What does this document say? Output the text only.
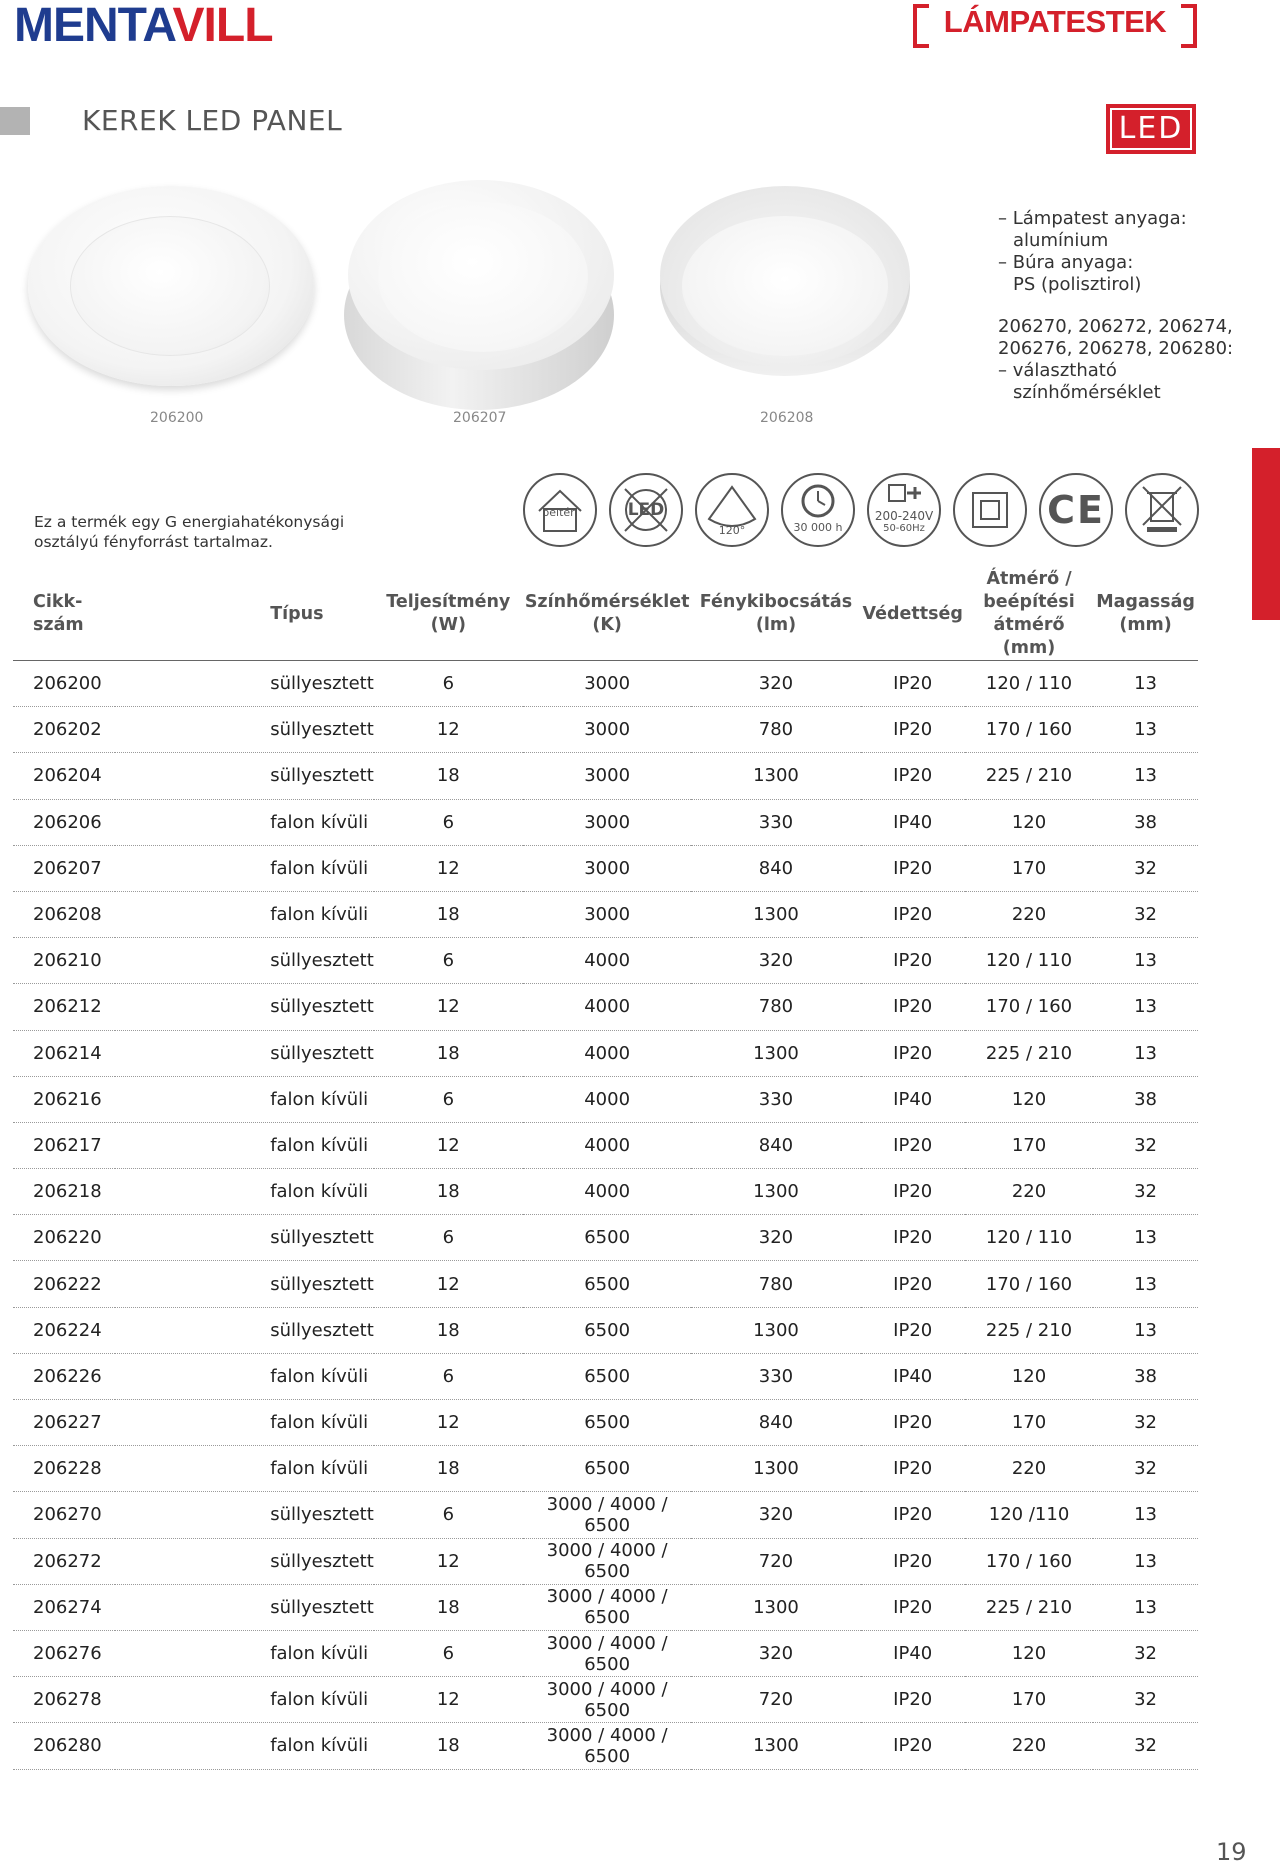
MENTAVILL	LÁMPATESTEK
KEREK LED PANEL	LED
206200	206207	206208
– Lámpatest anyaga:
alumínium
– Búra anyaga:
PS (polisztirol)
206270, 206272, 206274,
206276, 206278, 206280:
– választható
színhőmérséklet
Ez a termék egy G energiahatékonysági
osztályú fényforrást tartalmaz.
beltéri	LED
120°	30 000 h
200-240V
50-60Hz	CE
Cikk-
szám	Típus	Teljesítmény
(W)	Színhőmérséklet
(K)	Fénykibocsátás
(lm)	Védettség	Átmérő /
beépítési átmérő
(mm)	Magasság
(mm)
206200	süllyesztett	6	3000	320	IP20	120 / 110	13
206202	süllyesztett	12	3000	780	IP20	170 / 160	13
206204	süllyesztett	18	3000	1300	IP20	225 / 210	13
206206	falon kívüli	6	3000	330	IP40	120	38
206207	falon kívüli	12	3000	840	IP20	170	32
206208	falon kívüli	18	3000	1300	IP20	220	32
206210	süllyesztett	6	4000	320	IP20	120 / 110	13
206212	süllyesztett	12	4000	780	IP20	170 / 160	13
206214	süllyesztett	18	4000	1300	IP20	225 / 210	13
206216	falon kívüli	6	4000	330	IP40	120	38
206217	falon kívüli	12	4000	840	IP20	170	32
206218	falon kívüli	18	4000	1300	IP20	220	32
206220	süllyesztett	6	6500	320	IP20	120 / 110	13
206222	süllyesztett	12	6500	780	IP20	170 / 160	13
206224	süllyesztett	18	6500	1300	IP20	225 / 210	13
206226	falon kívüli	6	6500	330	IP40	120	38
206227	falon kívüli	12	6500	840	IP20	170	32
206228	falon kívüli	18	6500	1300	IP20	220	32
206270	süllyesztett	6	3000 / 4000 / 6500	320	IP20	120 /110	13
206272	süllyesztett	12	3000 / 4000 / 6500	720	IP20	170 / 160	13
206274	süllyesztett	18	3000 / 4000 / 6500	1300	IP20	225 / 210	13
206276	falon kívüli	6	3000 / 4000 / 6500	320	IP40	120	32
206278	falon kívüli	12	3000 / 4000 / 6500	720	IP20	170	32
206280	falon kívüli	18	3000 / 4000 / 6500	1300	IP20	220	32
19
